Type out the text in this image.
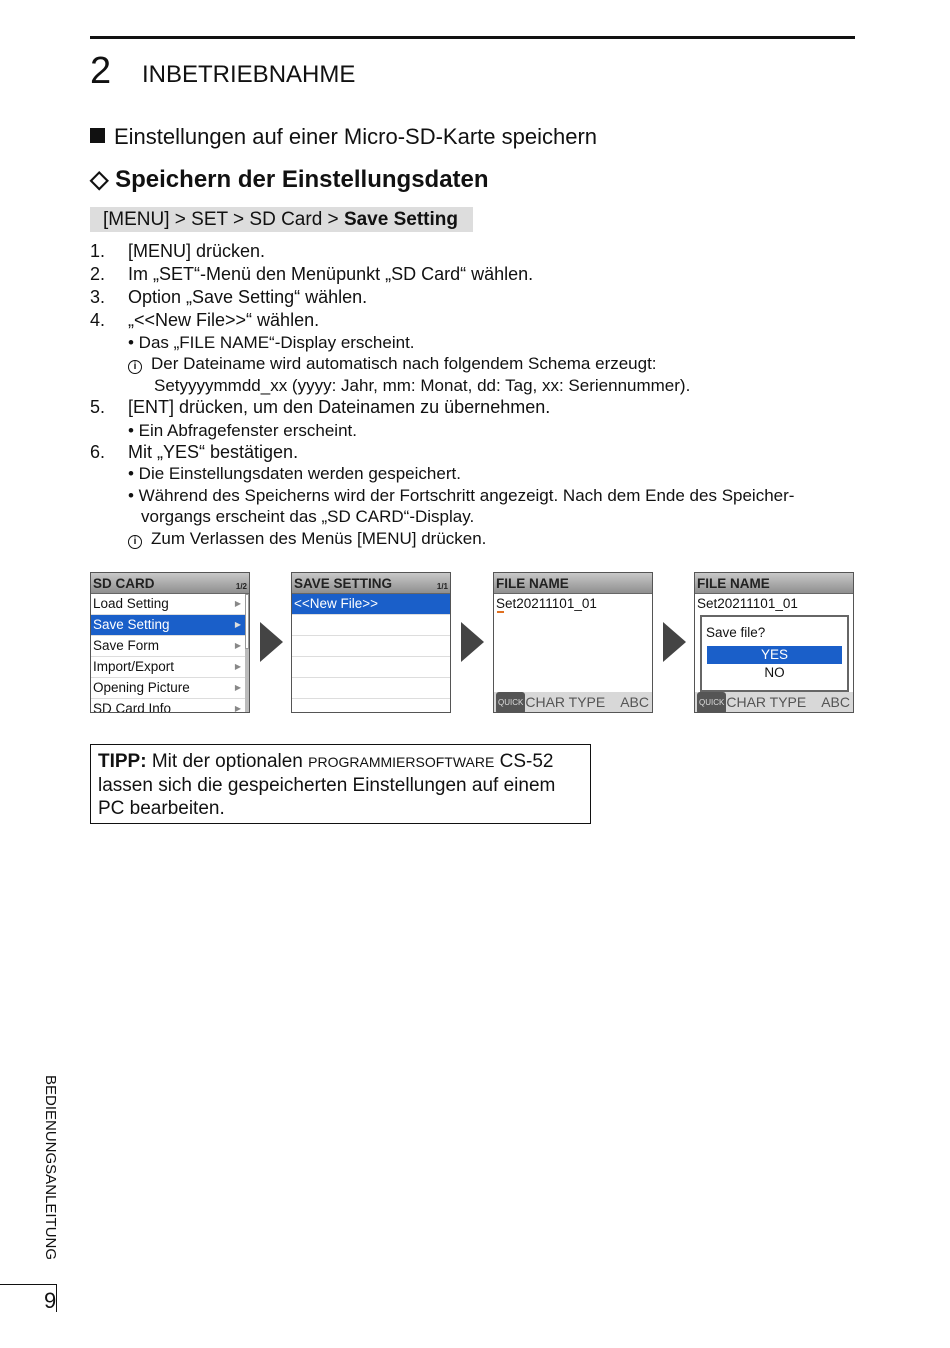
2 INBETRIEBNAHME
Einstellungen auf einer Micro-SD-Karte speichern
◇ Speichern der Einstellungsdaten
[MENU] > SET > SD Card > Save Setting
1. [MENU] drücken.
2. Im „SET“-Menü den Menüpunkt „SD Card“ wählen.
3. Option „Save Setting“ wählen.
4. „<<New File>>“ wählen.
• Das „FILE NAME“-Display erscheint.
i Der Dateiname wird automatisch nach folgendem Schema erzeugt:
Setyyyymmdd_xx (yyyy: Jahr, mm: Monat, dd: Tag, xx: Seriennummer).
5. [ENT] drücken, um den Dateinamen zu übernehmen.
• Ein Abfragefenster erscheint.
6. Mit „YES“ bestätigen.
• Die Einstellungsdaten werden gespeichert.
• Während des Speicherns wird der Fortschritt angezeigt. Nach dem Ende des Speicher-
vorgangs erscheint das „SD CARD“-Display.
i Zum Verlassen des Menüs [MENU] drücken.
SD CARD	1/2
Load Setting	▶
Save Setting	▶
Save Form	▶
Import/Export	▶
Opening Picture	▶
SD Card Info	▶
SAVE SETTING	1/1
<<New File>>
FILE NAME
Set20211101_01
QUICK CHAR TYPE ABC
FILE NAME
Set20211101_01
Save file?
YES
NO
QUICK CHAR TYPE ABC
TIPP: Mit der optionalen PROGRAMMIERSOFTWARE CS-52 lassen sich die gespeicherten Einstellungen auf einem PC bearbeiten.
BEDIENUNGSANLEITUNG
9
